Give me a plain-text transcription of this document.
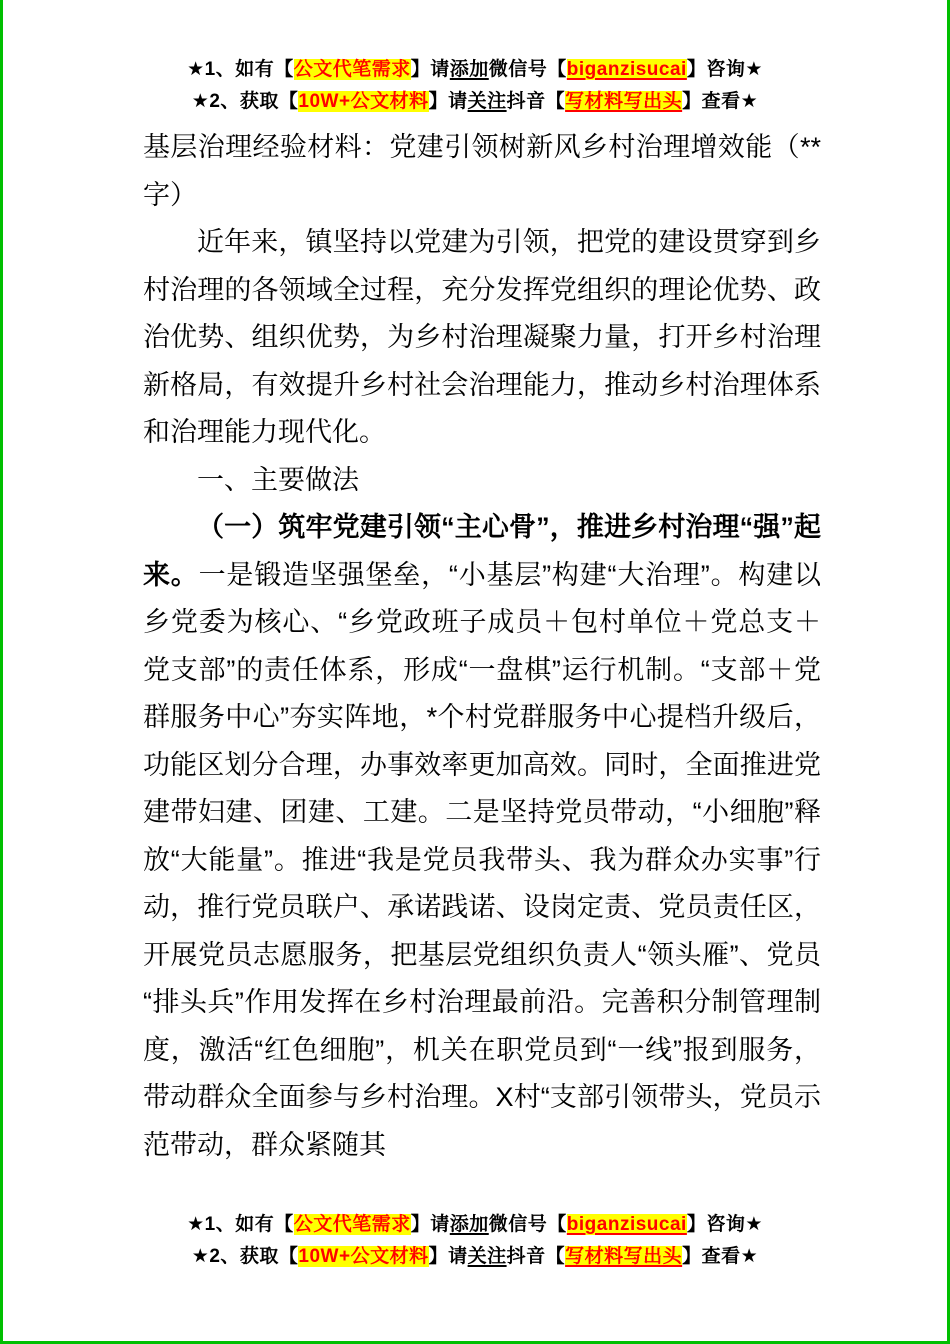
★1、如有【公文代笔需求】请添加微信号【biganzisucai】咨询★
★2、获取【10W+公文材料】请关注抖音【写材料写出头】查看★

基层治理经验材料：党建引领树新风乡村治理增效能（**字）

近年来，镇坚持以党建为引领，把党的建设贯穿到乡村治理的各领域全过程，充分发挥党组织的理论优势、政治优势、组织优势，为乡村治理凝聚力量，打开乡村治理新格局，有效提升乡村社会治理能力，推动乡村治理体系和治理能力现代化。

一、主要做法

（一）筑牢党建引领“主心骨”，推进乡村治理“强”起来。一是锻造坚强堡垒，“小基层”构建“大治理”。构建以乡党委为核心、“乡党政班子成员＋包村单位＋党总支＋党支部”的责任体系，形成“一盘棋”运行机制。“支部＋党群服务中心”夯实阵地，*个村党群服务中心提档升级后，功能区划分合理，办事效率更加高效。同时，全面推进党建带妇建、团建、工建。二是坚持党员带动，“小细胞”释放“大能量”。推进“我是党员我带头、我为群众办实事”行动，推行党员联户、承诺践诺、设岗定责、党员责任区，开展党员志愿服务，把基层党组织负责人“领头雁”、党员“排头兵”作用发挥在乡村治理最前沿。完善积分制管理制度，激活“红色细胞”，机关在职党员到“一线”报到服务，带动群众全面参与乡村治理。X村“支部引领带头，党员示范带动，群众紧随其

★1、如有【公文代笔需求】请添加微信号【biganzisucai】咨询★
★2、获取【10W+公文材料】请关注抖音【写材料写出头】查看★
